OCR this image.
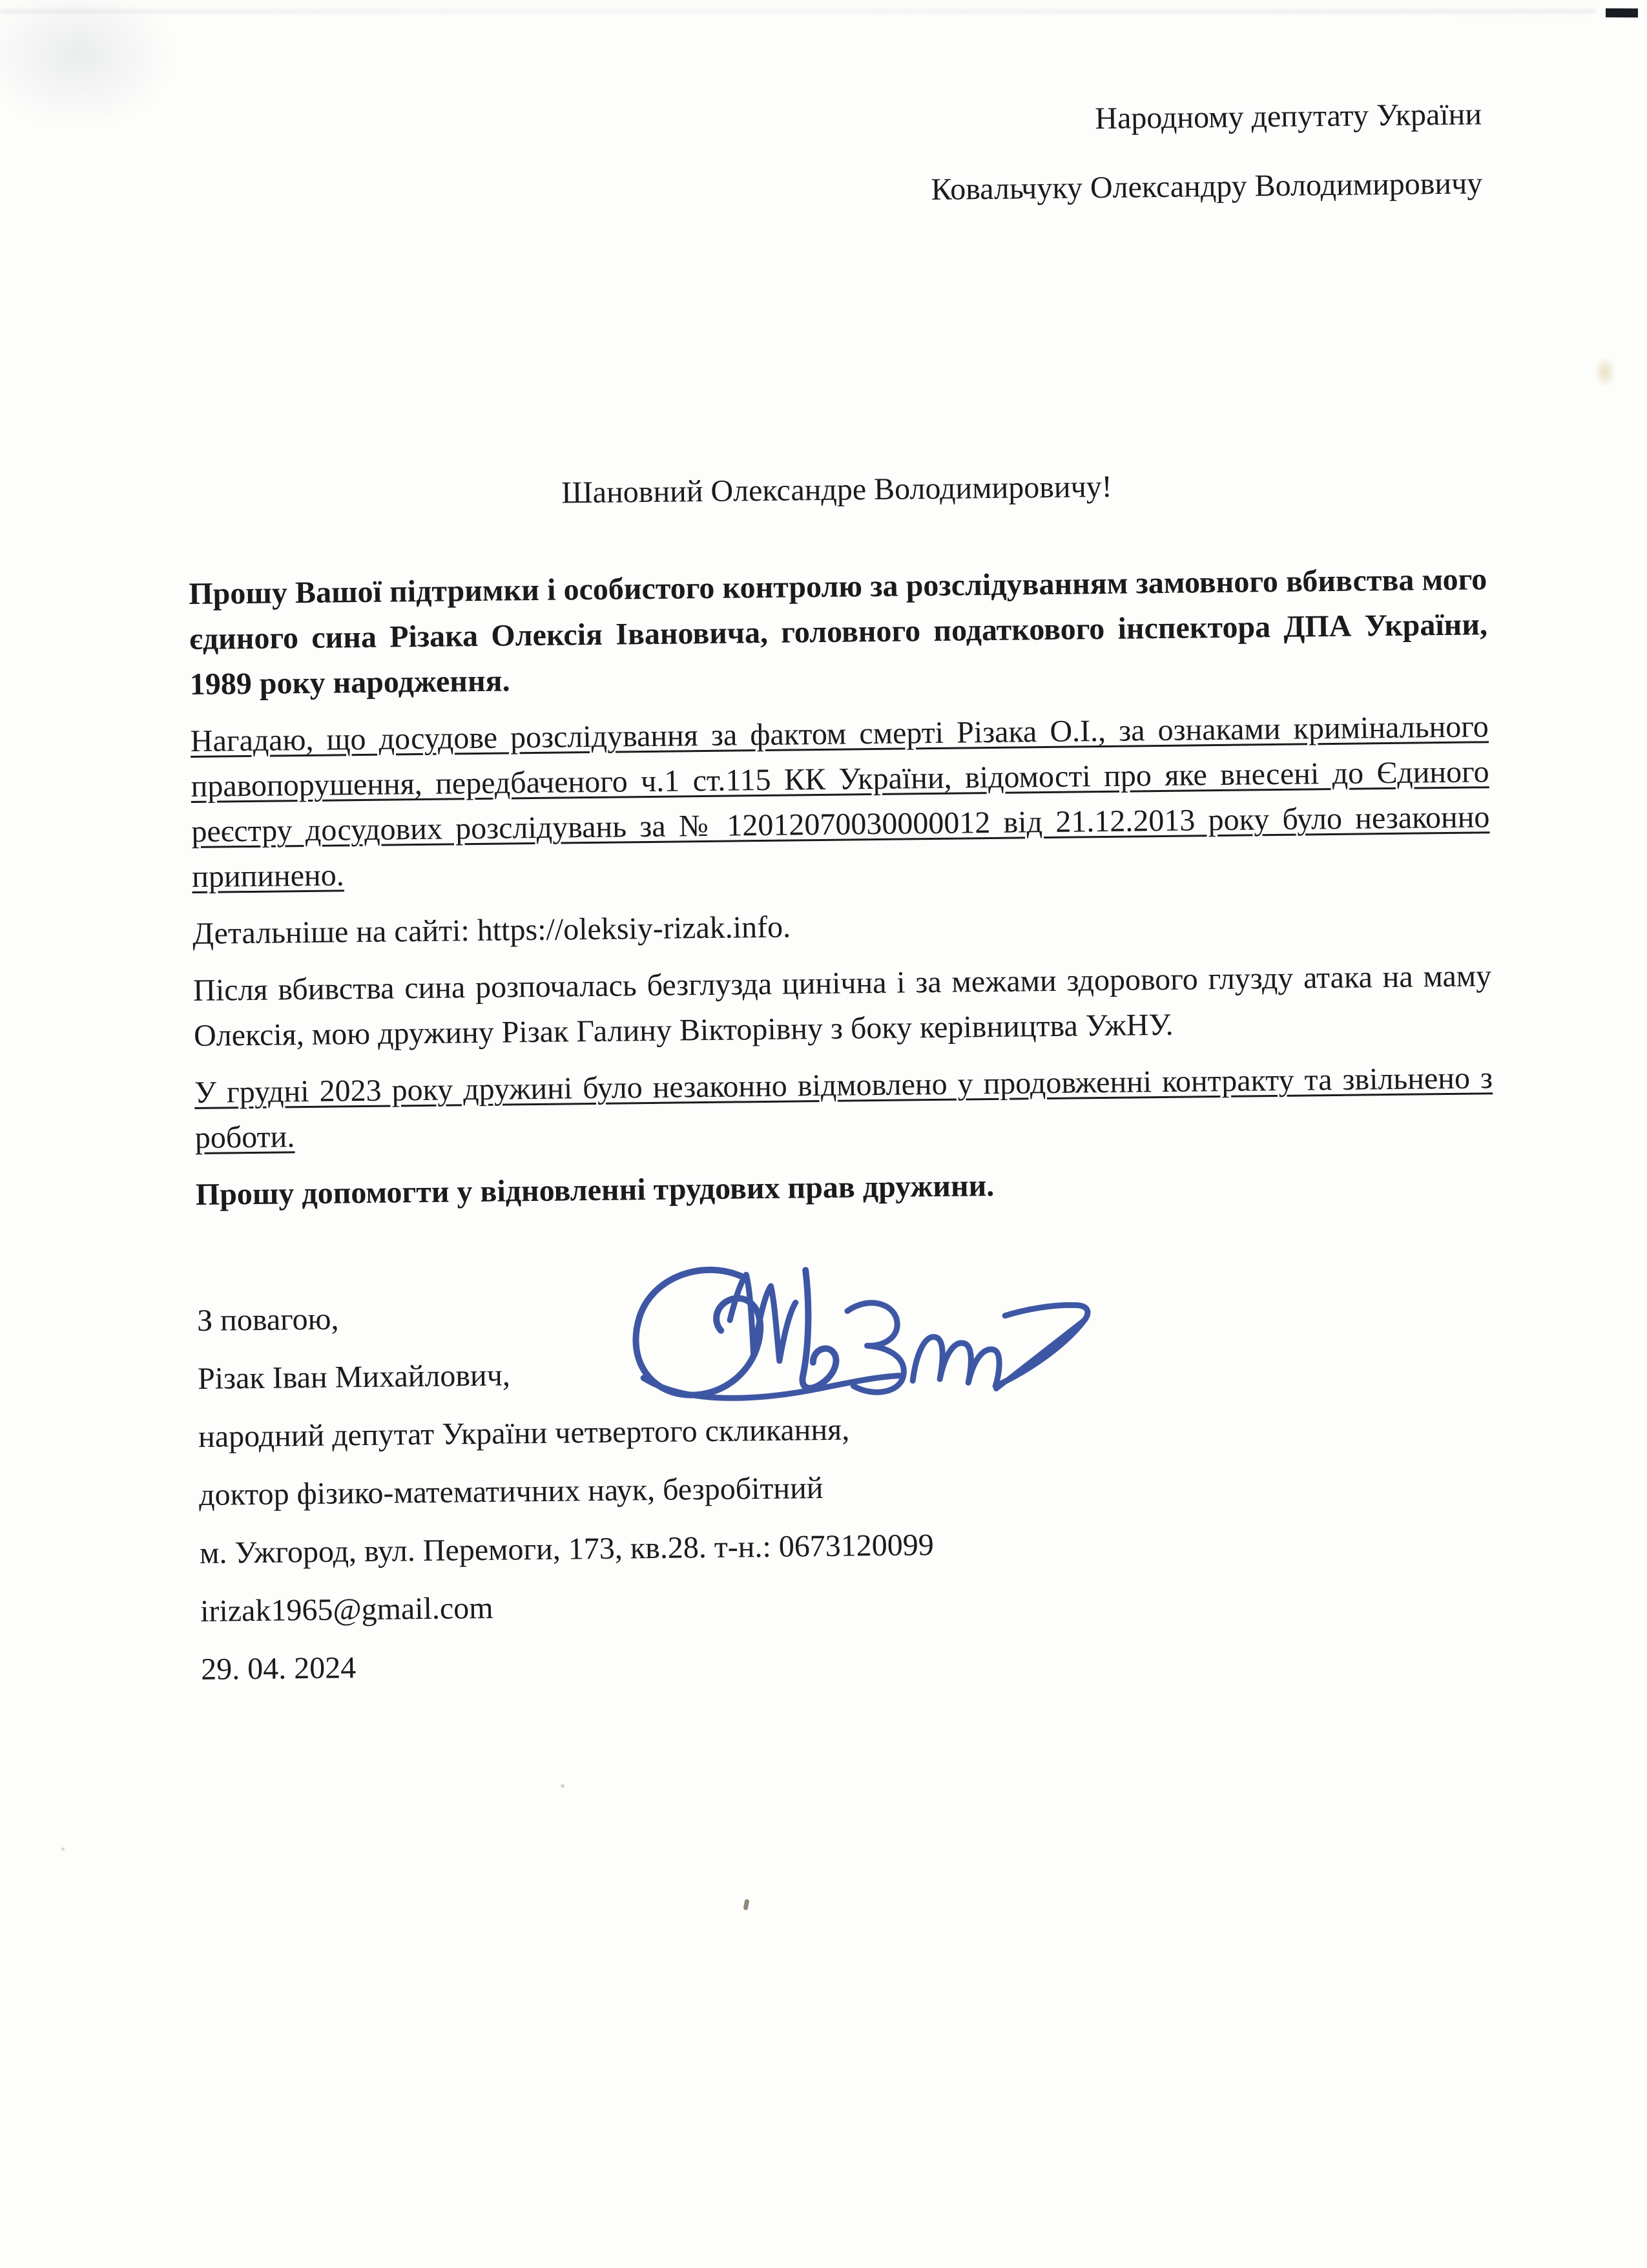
Народному депутату України

Ковальчуку Олександру Володимировичу

Шановний Олександре Володимировичу!

Прошу Вашої підтримки і особистого контролю за розслідуванням замовного вбивства мого єдиного сина Різака Олексія Івановича, головного податкового інспектора ДПА України, 1989 року народження.

Нагадаю, що досудове розслідування за фактом смерті Різака О.І., за ознаками кримінального правопорушення, передбаченого ч.1 ст.115 КК України, відомості про яке внесені до Єдиного реєстру досудових розслідувань за № 12012070030000012 від 21.12.2013 року було незаконно припинено.

Детальніше на сайті: https://oleksiy-rizak.info.

Після вбивства сина розпочалась безглузда цинічна і за межами здорового глузду атака на маму Олексія, мою дружину Різак Галину Вікторівну з боку керівництва УжНУ.

У грудні 2023 року дружині було незаконно відмовлено у продовженні контракту та звільнено з роботи.

Прошу допомогти у відновленні трудових прав дружини.

З повагою,

Різак Іван Михайлович,

народний депутат України четвертого скликання,

доктор фізико-математичних наук, безробітний

м. Ужгород, вул. Перемоги, 173, кв.28. т-н.: 0673120099

irizak1965@gmail.com

29. 04. 2024
